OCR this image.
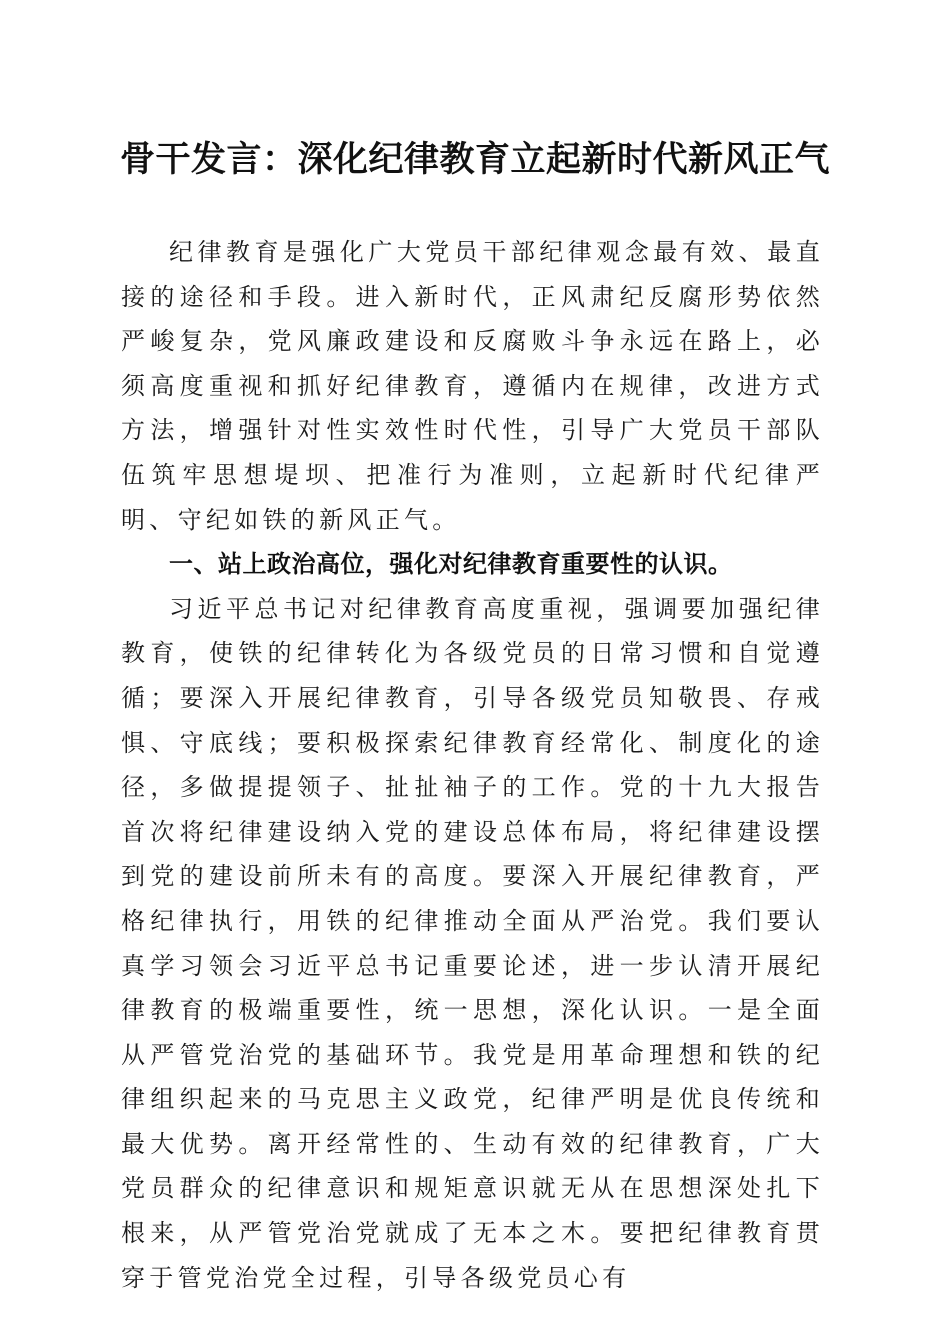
骨干发言：深化纪律教育立起新时代新风正气

纪律教育是强化广大党员干部纪律观念最有效、最直接的途径和手段。进入新时代，正风肃纪反腐形势依然严峻复杂，党风廉政建设和反腐败斗争永远在路上，必须高度重视和抓好纪律教育，遵循内在规律，改进方式方法，增强针对性实效性时代性，引导广大党员干部队伍筑牢思想堤坝、把准行为准则，立起新时代纪律严明、守纪如铁的新风正气。

一、站上政治高位，强化对纪律教育重要性的认识。

习近平总书记对纪律教育高度重视，强调要加强纪律教育，使铁的纪律转化为各级党员的日常习惯和自觉遵循；要深入开展纪律教育，引导各级党员知敬畏、存戒惧、守底线；要积极探索纪律教育经常化、制度化的途径，多做提提领子、扯扯袖子的工作。党的十九大报告首次将纪律建设纳入党的建设总体布局，将纪律建设摆到党的建设前所未有的高度。要深入开展纪律教育，严格纪律执行，用铁的纪律推动全面从严治党。我们要认真学习领会习近平总书记重要论述，进一步认清开展纪律教育的极端重要性，统一思想，深化认识。一是全面从严管党治党的基础环节。我党是用革命理想和铁的纪律组织起来的马克思主义政党，纪律严明是优良传统和最大优势。离开经常性的、生动有效的纪律教育，广大党员群众的纪律意识和规矩意识就无从在思想深处扎下根来，从严管党治党就成了无本之木。要把纪律教育贯穿于管党治党全过程，引导各级党员心有
